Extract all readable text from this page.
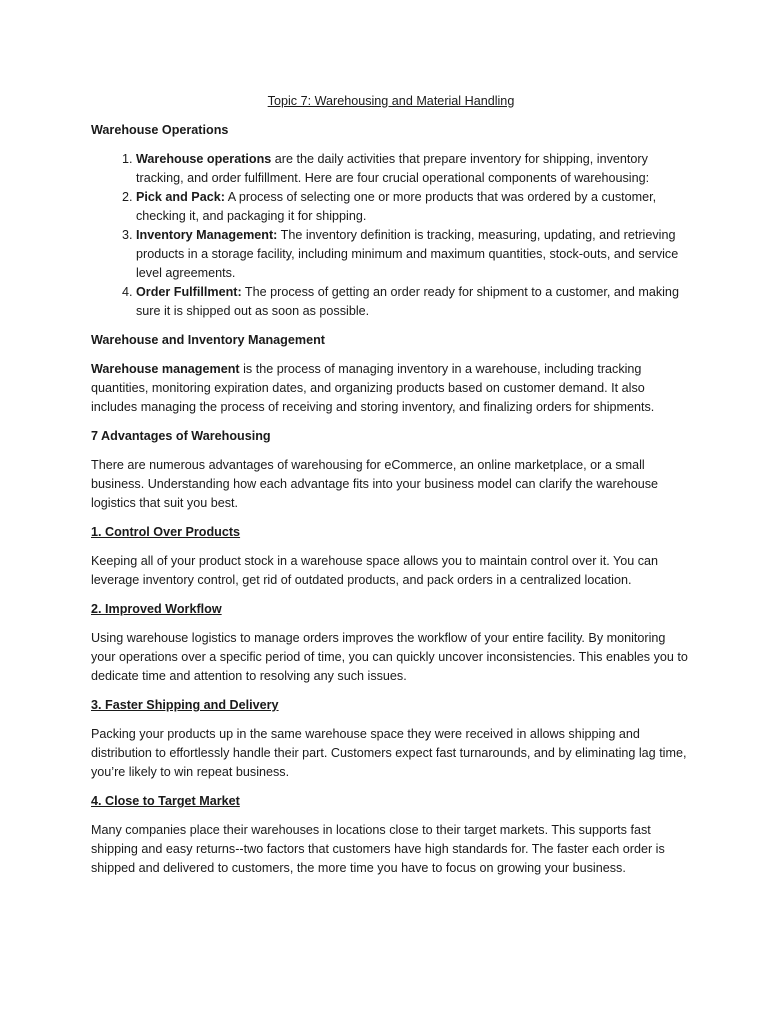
Topic 7: Warehousing and Material Handling
Warehouse Operations
1. Warehouse operations are the daily activities that prepare inventory for shipping, inventory tracking, and order fulfillment. Here are four crucial operational components of warehousing:
2. Pick and Pack: A process of selecting one or more products that was ordered by a customer, checking it, and packaging it for shipping.
3. Inventory Management: The inventory definition is tracking, measuring, updating, and retrieving products in a storage facility, including minimum and maximum quantities, stock-outs, and service level agreements.
4. Order Fulfillment: The process of getting an order ready for shipment to a customer, and making sure it is shipped out as soon as possible.
Warehouse and Inventory Management

Warehouse management is the process of managing inventory in a warehouse, including tracking quantities, monitoring expiration dates, and organizing products based on customer demand. It also includes managing the process of receiving and storing inventory, and finalizing orders for shipments.

7 Advantages of Warehousing

There are numerous advantages of warehousing for eCommerce, an online marketplace, or a small business. Understanding how each advantage fits into your business model can clarify the warehouse logistics that suit you best.

1. Control Over Products

Keeping all of your product stock in a warehouse space allows you to maintain control over it. You can leverage inventory control, get rid of outdated products, and pack orders in a centralized location.

2. Improved Workflow

Using warehouse logistics to manage orders improves the workflow of your entire facility. By monitoring your operations over a specific period of time, you can quickly uncover inconsistencies. This enables you to dedicate time and attention to resolving any such issues.

3. Faster Shipping and Delivery

Packing your products up in the same warehouse space they were received in allows shipping and distribution to effortlessly handle their part. Customers expect fast turnarounds, and by eliminating lag time, you’re likely to win repeat business.

4. Close to Target Market

Many companies place their warehouses in locations close to their target markets. This supports fast shipping and easy returns--two factors that customers have high standards for. The faster each order is shipped and delivered to customers, the more time you have to focus on growing your business.
